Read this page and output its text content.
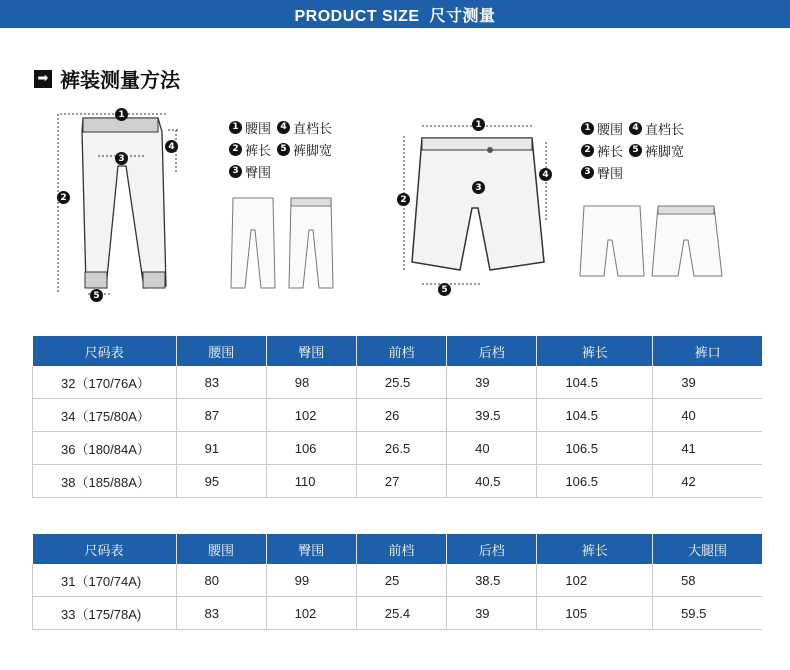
PRODUCT SIZE 尺寸测量
➡ 裤装测量方法
1
2
3
4
5
1 腰围	4 直档长
2 裤长	5 裤脚宽
3 臀围
1
2
3
4
5
1 腰围	4 直档长
2 裤长	5 裤脚宽
3 臀围
尺码表	腰围	臀围	前档	后档	裤长	裤口
32（170/76A）	83	98	25.5	39	104.5	39
34（175/80A）	87	102	26	39.5	104.5	40
36（180/84A）	91	106	26.5	40	106.5	41
38（185/88A）	95	110	27	40.5	106.5	42
尺码表	腰围	臀围	前档	后档	裤长	大腿围
31（170/74A)	80	99	25	38.5	102	58
33（175/78A)	83	102	25.4	39	105	59.5
